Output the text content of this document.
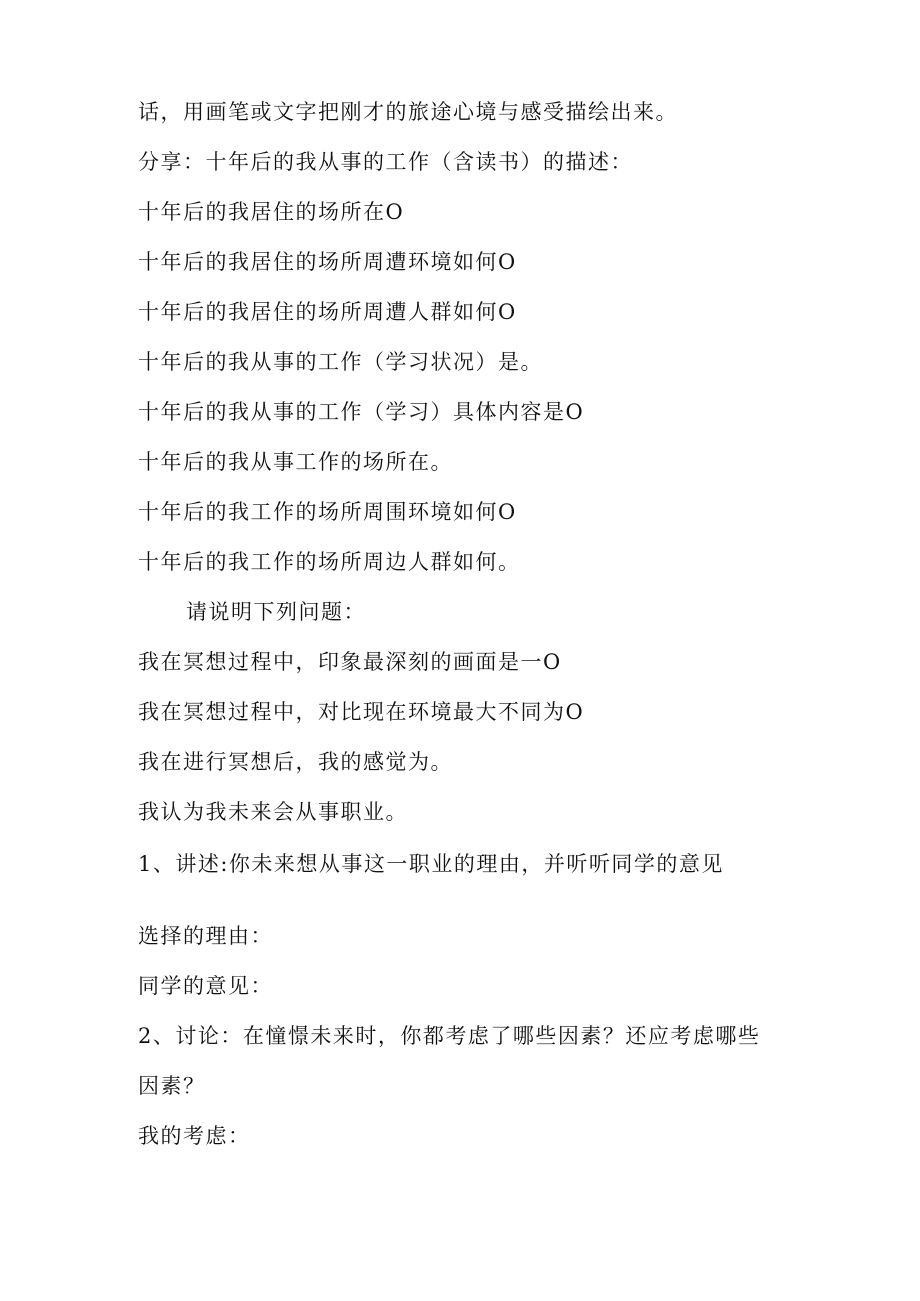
话，用画笔或文字把刚才的旅途心境与感受描绘出来。
分享：十年后的我从事的工作（含读书）的描述：
十年后的我居住的场所在O
十年后的我居住的场所周遭环境如何O
十年后的我居住的场所周遭人群如何O
十年后的我从事的工作（学习状况）是。
十年后的我从事的工作（学习）具体内容是O
十年后的我从事工作的场所在。
十年后的我工作的场所周围环境如何O
十年后的我工作的场所周边人群如何。
请说明下列问题：
我在冥想过程中，印象最深刻的画面是一O
我在冥想过程中，对比现在环境最大不同为O
我在进行冥想后，我的感觉为。
我认为我未来会从事职业。
1、讲述:你未来想从事这一职业的理由，并听听同学的意见
选择的理由：
同学的意见：
2、讨论：在憧憬未来时，你都考虑了哪些因素？还应考虑哪些
因素？
我的考虑：
